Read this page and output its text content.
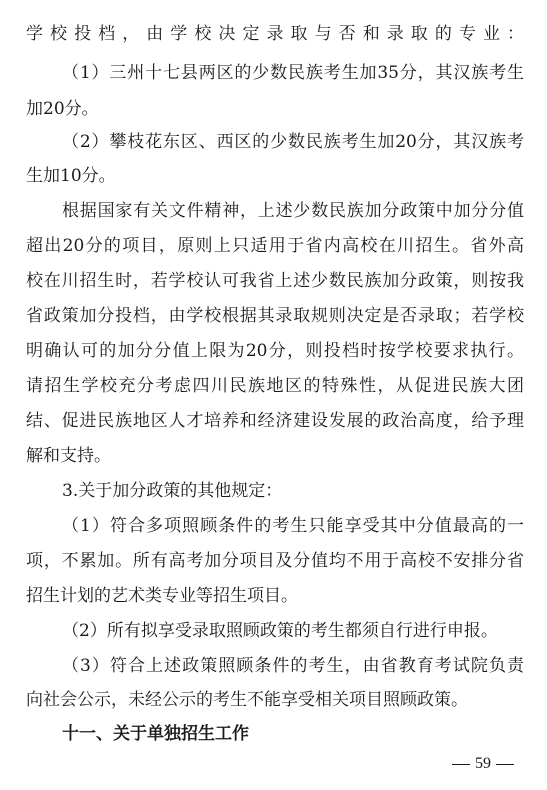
学校投档，由学校决定录取与否和录取的专业：
（1）三州十七县两区的少数民族考生加35分，其汉族考生
加20分。
（2）攀枝花东区、西区的少数民族考生加20分，其汉族考
生加10分。
根据国家有关文件精神，上述少数民族加分政策中加分分值
超出20分的项目，原则上只适用于省内高校在川招生。省外高
校在川招生时，若学校认可我省上述少数民族加分政策，则按我
省政策加分投档，由学校根据其录取规则决定是否录取；若学校
明确认可的加分分值上限为20分，则投档时按学校要求执行。
请招生学校充分考虑四川民族地区的特殊性，从促进民族大团
结、促进民族地区人才培养和经济建设发展的政治高度，给予理
解和支持。
3.关于加分政策的其他规定：
（1）符合多项照顾条件的考生只能享受其中分值最高的一
项，不累加。所有高考加分项目及分值均不用于高校不安排分省
招生计划的艺术类专业等招生项目。
（2）所有拟享受录取照顾政策的考生都须自行进行申报。
（3）符合上述政策照顾条件的考生，由省教育考试院负责
向社会公示，未经公示的考生不能享受相关项目照顾政策。
十一、关于单独招生工作
59
